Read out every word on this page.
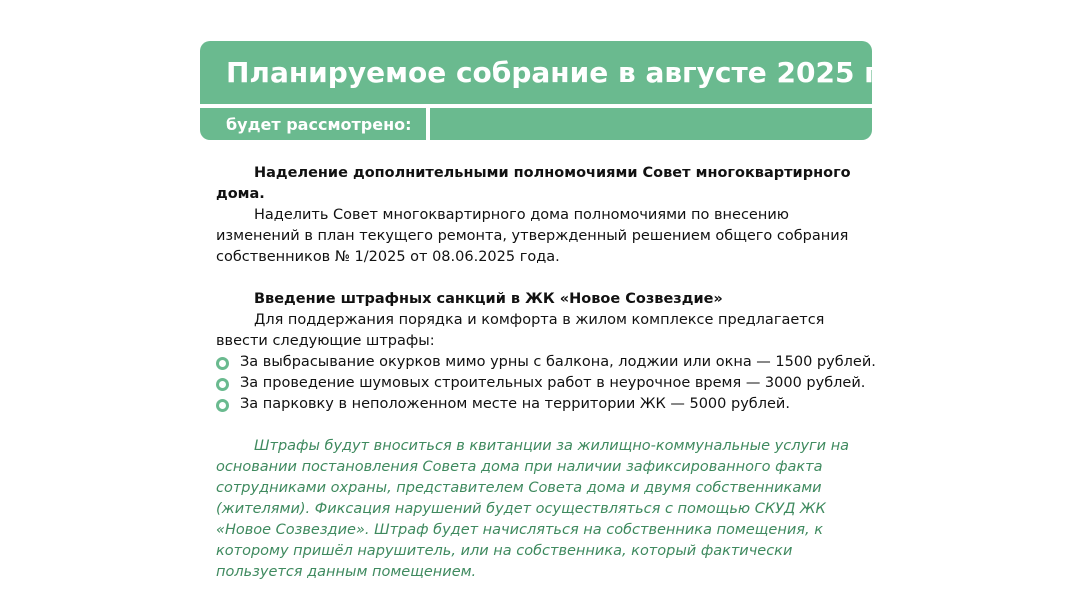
Планируемое собрание в августе 2025 г.
будет рассмотрено:

Наделение дополнительными полномочиями Совет многоквартирного дома.

Наделить Совет многоквартирного дома полномочиями по внесению изменений в план текущего ремонта, утвержденный решением общего собрания собственников № 1/2025 от 08.06.2025 года.

Введение штрафных санкций в ЖК «Новое Созвездие»

Для поддержания порядка и комфорта в жилом комплексе предлагается ввести следующие штрафы:

За выбрасывание окурков мимо урны с балкона, лоджии или окна — 1500 рублей.
За проведение шумовых строительных работ в неурочное время — 3000 рублей.
За парковку в неположенном месте на территории ЖК — 5000 рублей.

Штрафы будут вноситься в квитанции за жилищно-коммунальные услуги на основании постановления Совета дома при наличии зафиксированного факта сотрудниками охраны, представителем Совета дома и двумя собственниками (жителями). Фиксация нарушений будет осуществляться с помощью СКУД ЖК «Новое Созвездие». Штраф будет начисляться на собственника помещения, к которому пришёл нарушитель, или на собственника, который фактически пользуется данным помещением.
